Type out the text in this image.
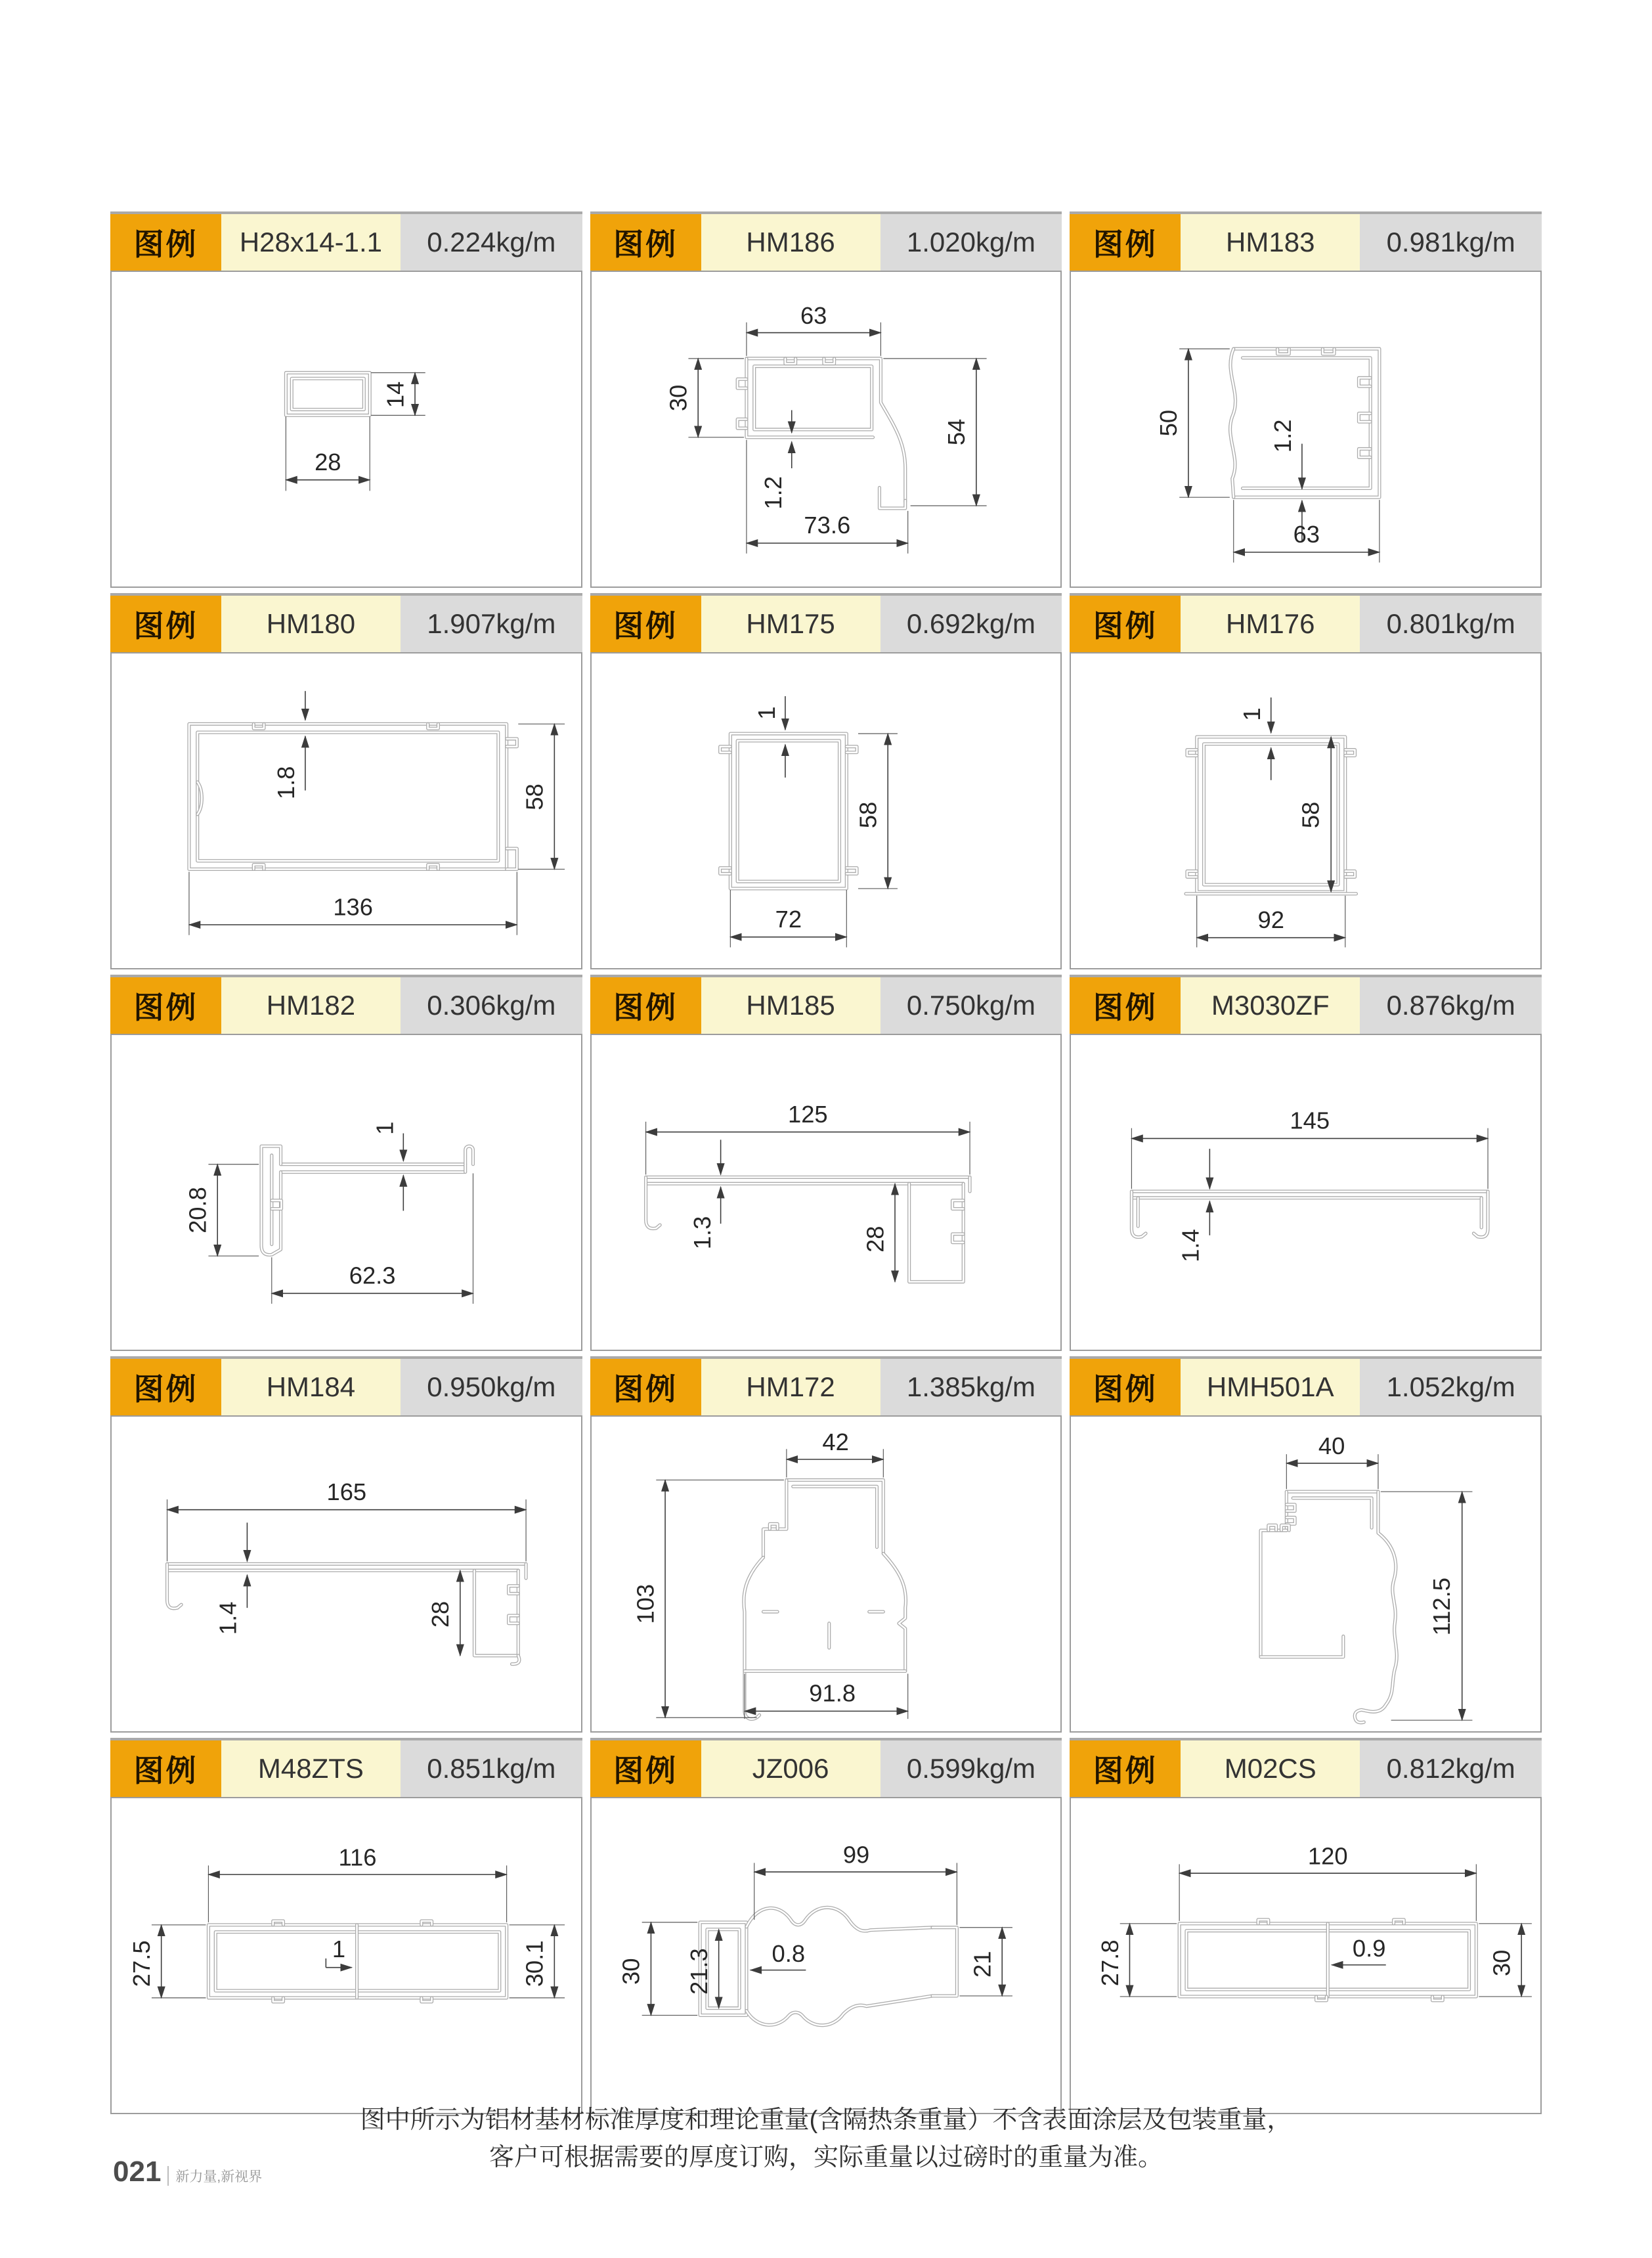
图例	H28x14-1.1	0.224kg/m
14
28
图例	HM186	1.020kg/m
63
30
54
1.2
73.6
图例	HM183	0.981kg/m
50	1.2
63
图例	HM180	1.907kg/m
1.8	58
136
图例	HM175	0.692kg/m
1
58
72
图例	HM176	0.801kg/m
1
58
92
图例	HM182	0.306kg/m
20.8
1
62.3
图例	HM185	0.750kg/m
125
1.3	28
图例	M3030ZF	0.876kg/m
145
1.4
图例	HM184	0.950kg/m
165
1.4	28
图例	HM172	1.385kg/m
42
103
91.8
图例	HMH501A	1.052kg/m
40
112.5
图例	M48ZTS	0.851kg/m
116
27.5	1	30.1
图例	JZ006	0.599kg/m
99
30 21.3 0.8	21
图例	M02CS	0.812kg/m
120
27.8	0.9
30

图中所示为铝材基材标准厚度和理论重量(含隔热条重量）不含表面涂层及包装重量，

客户可根据需要的厚度订购，实际重量以过磅时的重量为准。

021	新力量,新视界
